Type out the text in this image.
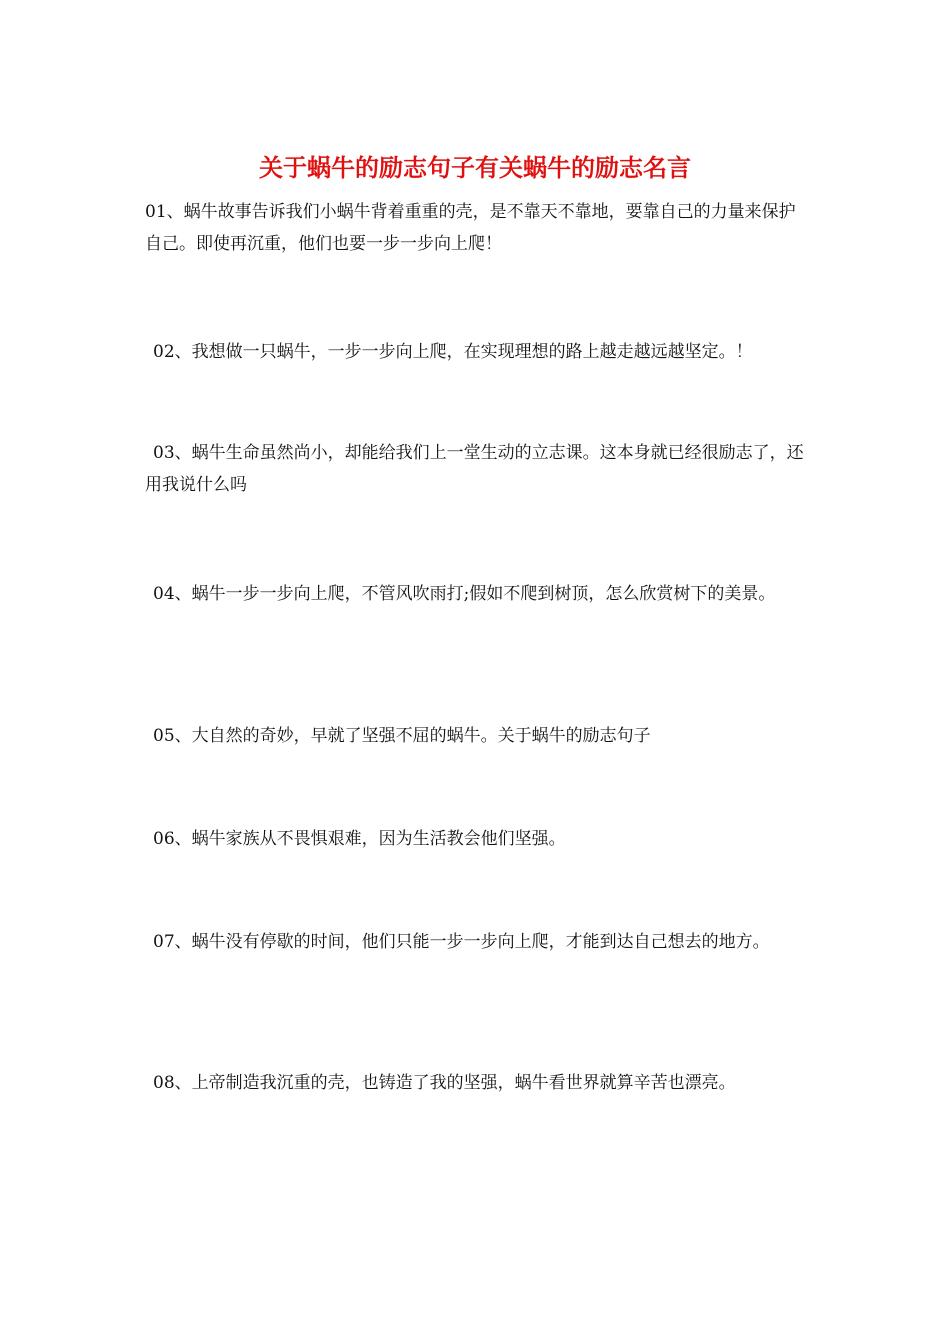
关于蜗牛的励志句子有关蜗牛的励志名言

01、蜗牛故事告诉我们小蜗牛背着重重的壳，是不靠天不靠地，要靠自己的力量来保护自己。即使再沉重，他们也要一步一步向上爬！

02、我想做一只蜗牛，一步一步向上爬，在实现理想的路上越走越远越坚定。！

03、蜗牛生命虽然尚小，却能给我们上一堂生动的立志课。这本身就已经很励志了，还用我说什么吗

04、蜗牛一步一步向上爬，不管风吹雨打;假如不爬到树顶，怎么欣赏树下的美景。

05、大自然的奇妙，早就了坚强不屈的蜗牛。关于蜗牛的励志句子

06、蜗牛家族从不畏惧艰难，因为生活教会他们坚强。

07、蜗牛没有停歇的时间，他们只能一步一步向上爬，才能到达自己想去的地方。

08、上帝制造我沉重的壳，也铸造了我的坚强，蜗牛看世界就算辛苦也漂亮。
